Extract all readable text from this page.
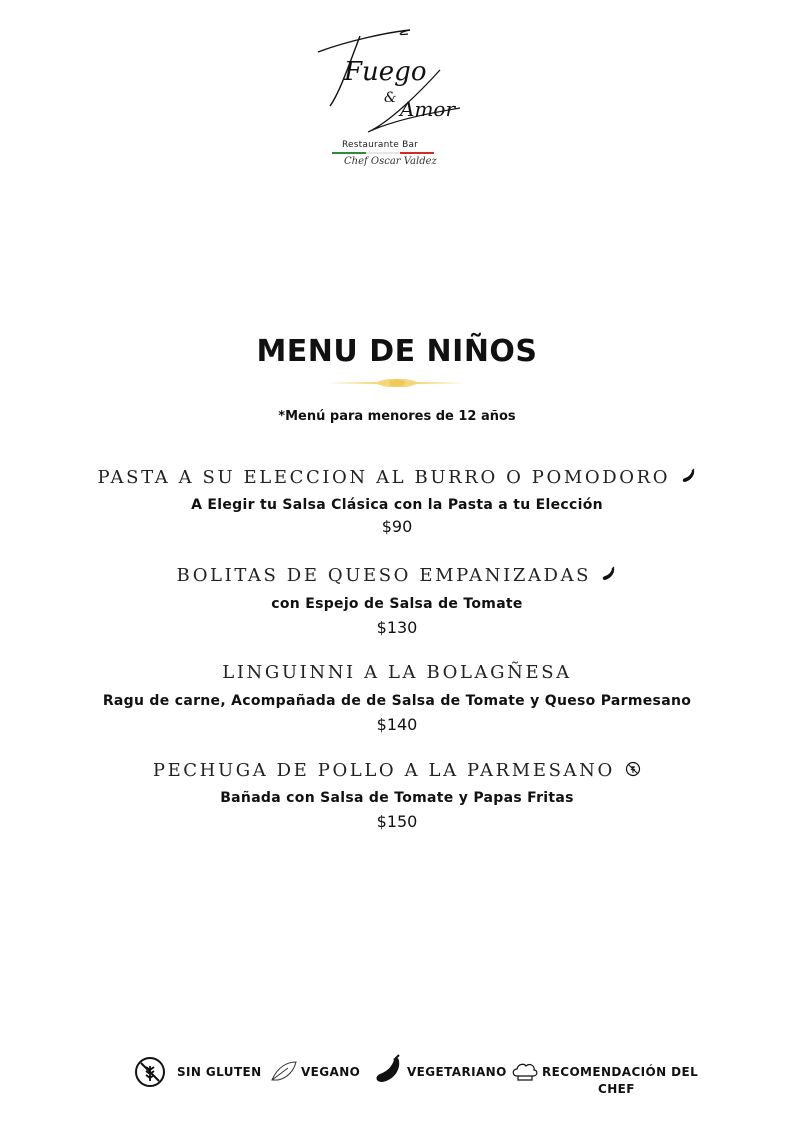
Fuego
& Amor
Restaurante Bar
Chef Oscar Valdez
MENU DE NIÑOS
*Menú para menores de 12 años
PASTA A SU ELECCION AL BURRO O POMODORO
A Elegir tu Salsa Clásica con la Pasta a tu Elección
$90
BOLITAS DE QUESO EMPANIZADAS
con Espejo de Salsa de Tomate
$130
LINGUINNI A LA BOLAGÑESA
Ragu de carne, Acompañada de de Salsa de Tomate y Queso Parmesano
$140
PECHUGA DE POLLO A LA PARMESANO
Bañada con Salsa de Tomate y Papas Fritas
$150
SIN GLUTEN	VEGANO	VEGETARIANO	RECOMENDACIÓN DEL
CHEF
